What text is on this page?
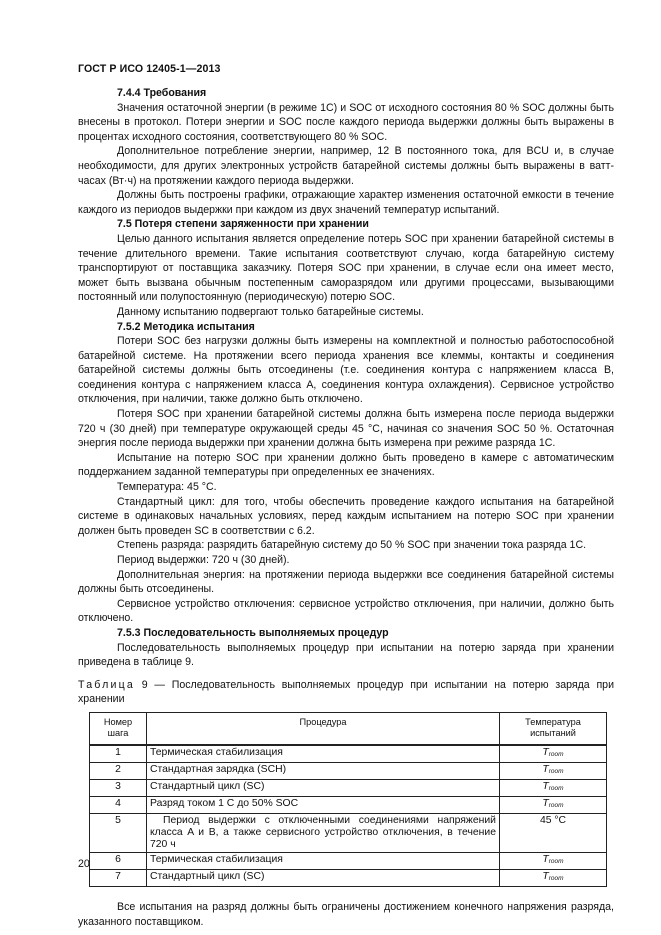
ГОСТ Р ИСО 12405-1—2013

7.4.4 Требования

Значения остаточной энергии (в режиме 1C) и SOC от исходного состояния 80 % SOC должны быть внесены в протокол. Потери энергии и SOC после каждого периода выдержки должны быть выражены в процентах исходного состояния, соответствующего 80 % SOC.

Дополнительное потребление энергии, например, 12 В постоянного тока, для BCU и, в случае необходимости, для других электронных устройств батарейной системы должны быть выражены в ватт-часах (Вт·ч) на протяжении каждого периода выдержки.

Должны быть построены графики, отражающие характер изменения остаточной емкости в течение каждого из периодов выдержки при каждом из двух значений температур испытаний.

7.5 Потеря степени заряженности при хранении

Целью данного испытания является определение потерь SOC при хранении батарейной системы в течение длительного времени. Такие испытания соответствуют случаю, когда батарейную систему транспортируют от поставщика заказчику. Потеря SOC при хранении, в случае если она имеет место, может быть вызвана обычным постепенным саморазрядом или другими процессами, вызывающими постоянный или полупостоянную (периодическую) потерю SOC.

Данному испытанию подвергают только батарейные системы.

7.5.2 Методика испытания

Потери SOC без нагрузки должны быть измерены на комплектной и полностью работоспособной батарейной системе. На протяжении всего периода хранения все клеммы, контакты и соединения батарейной системы должны быть отсоединены (т.е. соединения контура с напряжением класса B, соединения контура с напряжением класса A, соединения контура охлаждения). Сервисное устройство отключения, при наличии, также должно быть отключено.

Потеря SOC при хранении батарейной системы должна быть измерена после периода выдержки 720 ч (30 дней) при температуре окружающей среды 45 °C, начиная со значения SOC 50 %. Остаточная энергия после периода выдержки при хранении должна быть измерена при режиме разряда 1C.

Испытание на потерю SOC при хранении должно быть проведено в камере с автоматическим поддержанием заданной температуры при определенных ее значениях.

Температура: 45 °C.

Стандартный цикл: для того, чтобы обеспечить проведение каждого испытания на батарейной системе в одинаковых начальных условиях, перед каждым испытанием на потерю SOC при хранении должен быть проведен SC в соответствии с 6.2.

Степень разряда: разрядить батарейную систему до 50 % SOC при значении тока разряда 1C.

Период выдержки: 720 ч (30 дней).

Дополнительная энергия: на протяжении периода выдержки все соединения батарейной системы должны быть отсоединены.

Сервисное устройство отключения: сервисное устройство отключения, при наличии, должно быть отключено.

7.5.3 Последовательность выполняемых процедур

Последовательность выполняемых процедур при испытании на потерю заряда при хранении приведена в таблице 9.

Таблица 9 — Последовательность выполняемых процедур при испытании на потерю заряда при хранении

Номер шага	Процедура	Температура испытаний
1	Термическая стабилизация	$T_{room}$
2	Стандартная зарядка (SCH)	$T_{room}$
3	Стандартный цикл (SC)	$T_{room}$
4	Разряд током 1 C до 50% SOC	$T_{room}$
5	Период выдержки с отключенными соединениями напряжений класса A и B, а также сервисного устройство отключения, в течение 720 ч	45 °C
6	Термическая стабилизация	$T_{room}$
7	Стандартный цикл (SC)	$T_{room}$

Все испытания на разряд должны быть ограничены достижением конечного напряжения разряда, указанного поставщиком.

20
